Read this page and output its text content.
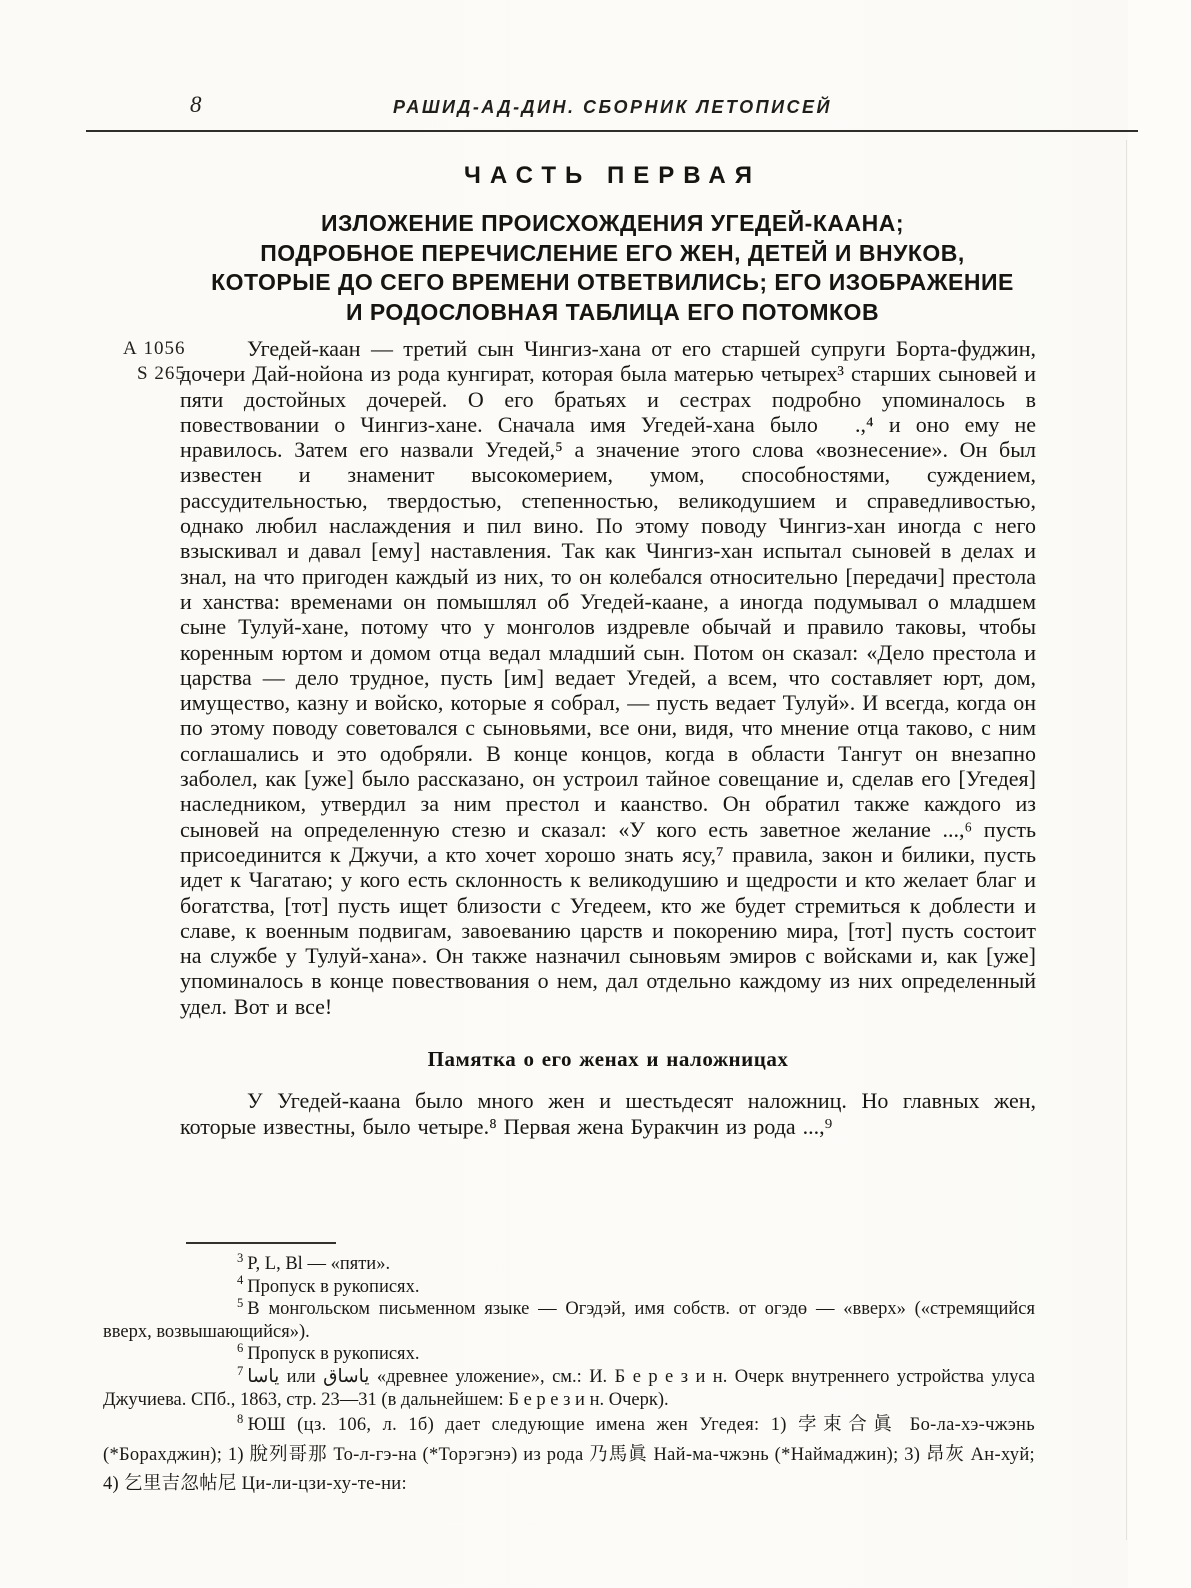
8	РАШИД-АД-ДИН. СБОРНИК ЛЕТОПИСЕЙ
ЧАСТЬ ПЕРВАЯ
ИЗЛОЖЕНИЕ ПРОИСХОЖДЕНИЯ УГЕДЕЙ-КААНА;
ПОДРОБНОЕ ПЕРЕЧИСЛЕНИЕ ЕГО ЖЕН, ДЕТЕЙ И ВНУКОВ,
КОТОРЫЕ ДО СЕГО ВРЕМЕНИ ОТВЕТВИЛИСЬ; ЕГО ИЗОБРАЖЕНИЕ
И РОДОСЛОВНАЯ ТАБЛИЦА ЕГО ПОТОМКОВ
А 1056
S 265

Угедей-каан — третий сын Чингиз-хана от его старшей супруги Борта-фуджин, дочери Дай-нойона из рода кунгират, которая была матерью четырех³ старших сыновей и пяти достойных дочерей. О его братьях и сестрах подробно упоминалось в повествовании о Чингиз-хане. Сначала имя Угедей-хана было  .,⁴ и оно ему не нравилось. Затем его назвали Угедей,⁵ а значение этого слова «вознесение». Он был известен и знаменит высокомерием, умом, способностями, суждением, рассудительностью, твердостью, степенностью, великодушием и справедливостью, однако любил наслаждения и пил вино. По этому поводу Чингиз-хан иногда с него взыскивал и давал [ему] наставления. Так как Чингиз-хан испытал сыновей в делах и знал, на что пригоден каждый из них, то он колебался относительно [передачи] престола и ханства: временами он помышлял об Угедей-каане, а иногда подумывал о младшем сыне Тулуй-хане, потому что у монголов издревле обычай и правило таковы, чтобы коренным юртом и домом отца ведал младший сын. Потом он сказал: «Дело престола и царства — дело трудное, пусть [им] ведает Угедей, а всем, что составляет юрт, дом, имущество, казну и войско, которые я собрал, — пусть ведает Тулуй». И всегда, когда он по этому поводу советовался с сыновьями, все они, видя, что мнение отца таково, с ним соглашались и это одобряли. В конце концов, когда в области Тангут он внезапно заболел, как [уже] было рассказано, он устроил тайное совещание и, сделав его [Угедея] наследником, утвердил за ним престол и каанство. Он обратил также каждого из сыновей на определенную стезю и сказал: «У кого есть заветное желание ...,⁶ пусть присоединится к Джучи, а кто хочет хорошо знать ясу,⁷ правила, закон и билики, пусть идет к Чагатаю; у кого есть склонность к великодушию и щедрости и кто желает благ и богатства, [тот] пусть ищет близости с Угедеем, кто же будет стремиться к доблести и славе, к военным подвигам, завоеванию царств и покорению мира, [тот] пусть состоит на службе у Тулуй-хана». Он также назначил сыновьям эмиров с войсками и, как [уже] упоминалось в конце повествования о нем, дал отдельно каждому из них определенный удел. Вот и все!

Памятка о его женах и наложницах

У Угедей-каана было много жен и шестьдесят наложниц. Но главных жен, которые известны, было четыре.⁸ Первая жена Буракчин из рода ...,⁹

$^3$ P, L, Bl — «пяти».

$^4$ Пропуск в рукописях.

$^5$ В монгольском письменном языке — Огэдэй, имя собств. от огэдө — «вверх» («стремящийся вверх, возвышающийся»).

$^6$ Пропуск в рукописях.

$^7$ ياسا или ياساق «древнее уложение», см.: И. Б е р е з и н. Очерк внутреннего устройства улуса Джучиева. СПб., 1863, стр. 23—31 (в дальнейшем: Б е р е з и н. Очерк).

$^8$ ЮШ (цз. 106, л. 1б) дает следующие имена жен Угедея: 1) 孛束合眞 Бо-ла-хэ-чжэнь (*Борахджин); 1) 脫列哥那 То-л-гэ-на (*Торэгэнэ) из рода 乃馬眞 Най-ма-чжэнь (*Наймаджин); 3) 昂灰 Ан-хуй; 4) 乞里吉忽帖尼 Ци-ли-цзи-ху-те-ни:
